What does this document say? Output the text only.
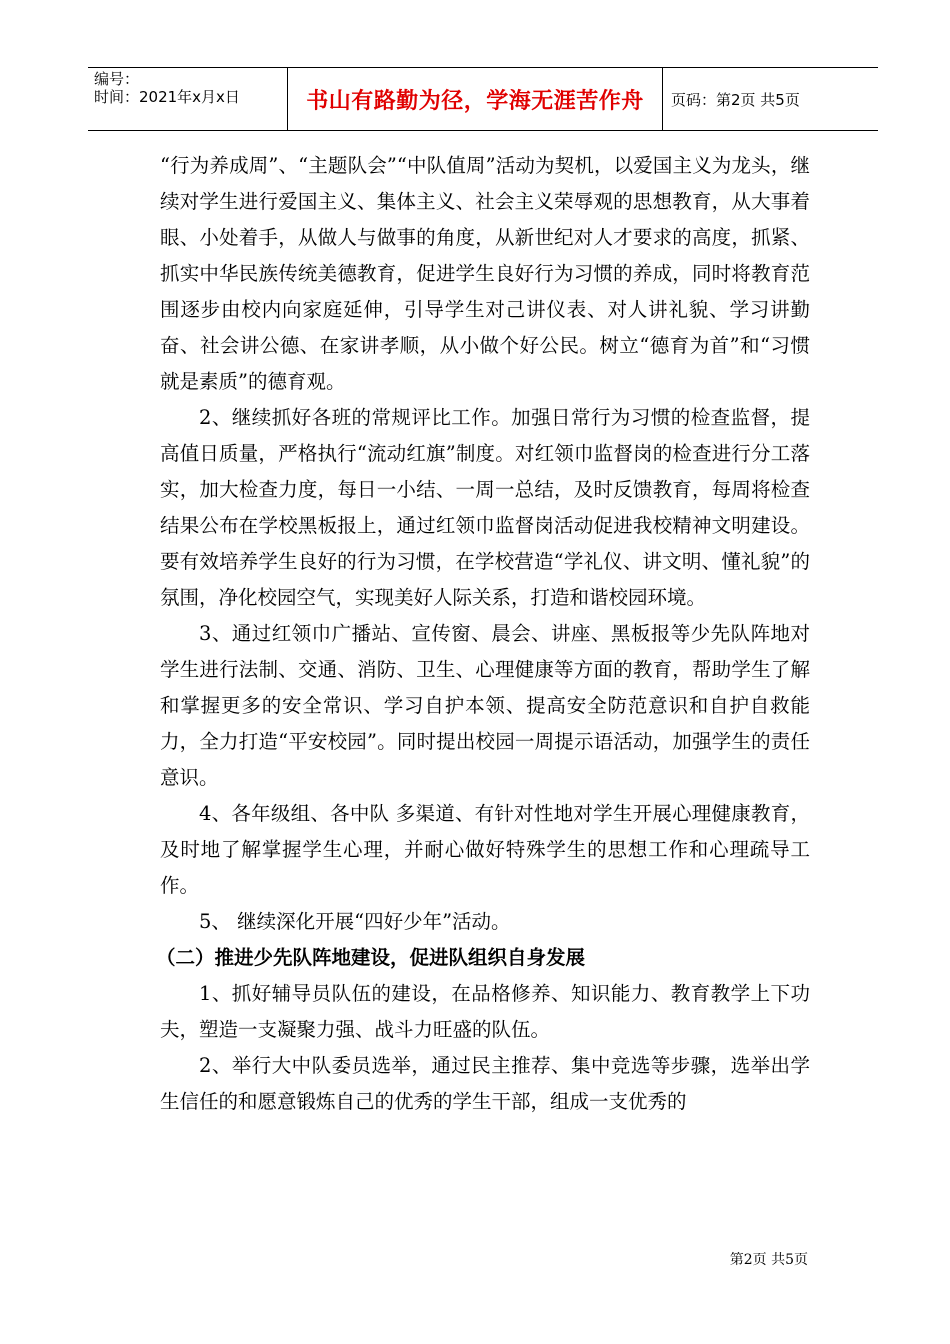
编号：
时间：2021年x月x日	书山有路勤为径，学海无涯苦作舟	页码：第2页 共5页

“行为养成周”、“主题队会”“中队值周”活动为契机，以爱国主义为龙头，继续对学生进行爱国主义、集体主义、社会主义荣辱观的思想教育，从大事着眼、小处着手，从做人与做事的角度，从新世纪对人才要求的高度，抓紧、抓实中华民族传统美德教育，促进学生良好行为习惯的养成，同时将教育范围逐步由校内向家庭延伸，引导学生对己讲仪表、对人讲礼貌、学习讲勤奋、社会讲公德、在家讲孝顺，从小做个好公民。树立“德育为首”和“习惯就是素质”的德育观。

2、继续抓好各班的常规评比工作。加强日常行为习惯的检查监督，提高值日质量，严格执行“流动红旗”制度。对红领巾监督岗的检查进行分工落实，加大检查力度，每日一小结、一周一总结，及时反馈教育，每周将检查结果公布在学校黑板报上，通过红领巾监督岗活动促进我校精神文明建设。要有效培养学生良好的行为习惯，在学校营造“学礼仪、讲文明、懂礼貌”的氛围，净化校园空气，实现美好人际关系，打造和谐校园环境。

3、通过红领巾广播站、宣传窗、晨会、讲座、黑板报等少先队阵地对学生进行法制、交通、消防、卫生、心理健康等方面的教育，帮助学生了解和掌握更多的安全常识、学习自护本领、提高安全防范意识和自护自救能力，全力打造“平安校园”。同时提出校园一周提示语活动，加强学生的责任意识。

4、各年级组、各中队 多渠道、有针对性地对学生开展心理健康教育，及时地了解掌握学生心理，并耐心做好特殊学生的思想工作和心理疏导工作。

5、 继续深化开展“四好少年”活动。

（二）推进少先队阵地建设，促进队组织自身发展

1、抓好辅导员队伍的建设，在品格修养、知识能力、教育教学上下功夫，塑造一支凝聚力强、战斗力旺盛的队伍。

2、举行大中队委员选举，通过民主推荐、集中竞选等步骤，选举出学生信任的和愿意锻炼自己的优秀的学生干部，组成一支优秀的

第2页 共5页
